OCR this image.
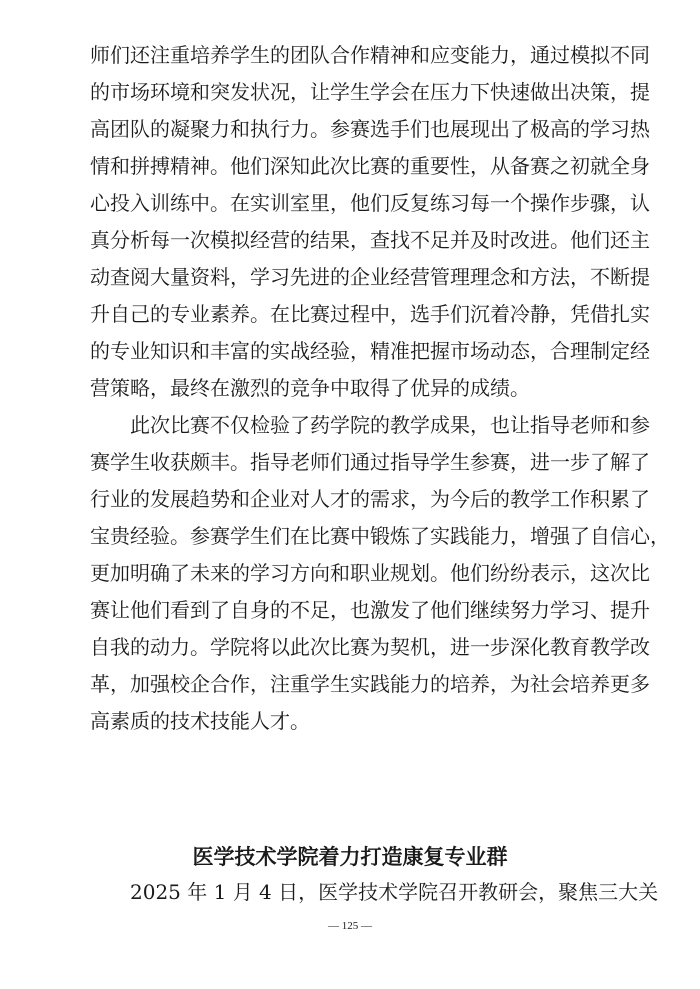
师们还注重培养学生的团队合作精神和应变能力，通过模拟不同
的市场环境和突发状况，让学生学会在压力下快速做出决策，提
高团队的凝聚力和执行力。参赛选手们也展现出了极高的学习热
情和拼搏精神。他们深知此次比赛的重要性，从备赛之初就全身
心投入训练中。在实训室里，他们反复练习每一个操作步骤，认
真分析每一次模拟经营的结果，查找不足并及时改进。他们还主
动查阅大量资料，学习先进的企业经营管理理念和方法，不断提
升自己的专业素养。在比赛过程中，选手们沉着冷静，凭借扎实
的专业知识和丰富的实战经验，精准把握市场动态，合理制定经
营策略，最终在激烈的竞争中取得了优异的成绩。
此次比赛不仅检验了药学院的教学成果，也让指导老师和参
赛学生收获颇丰。指导老师们通过指导学生参赛，进一步了解了
行业的发展趋势和企业对人才的需求，为今后的教学工作积累了
宝贵经验。参赛学生们在比赛中锻炼了实践能力，增强了自信心，
更加明确了未来的学习方向和职业规划。他们纷纷表示，这次比
赛让他们看到了自身的不足，也激发了他们继续努力学习、提升
自我的动力。学院将以此次比赛为契机，进一步深化教育教学改
革，加强校企合作，注重学生实践能力的培养，为社会培养更多
高素质的技术技能人才。
医学技术学院着力打造康复专业群
2025 年 1 月 4 日，医学技术学院召开教研会，聚焦三大关
— 125 —
